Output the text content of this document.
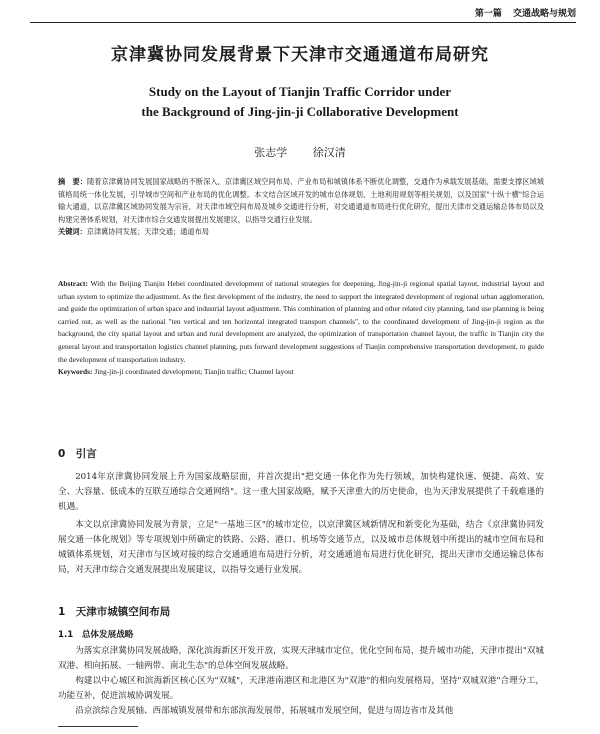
第一篇 交通战略与规划
京津冀协同发展背景下天津市交通通道布局研究
Study on the Layout of Tianjin Traffic Corridor under
the Background of Jing-jin-ji Collaborative Development
张志学 徐汉清
摘　要：随着京津冀协同发展国家战略的不断深入，京津冀区域空间布局、产业布局和城镇体系不断优化调整，交通作为承载发展基础，需要支撑区域城镇格局统一体化发展，引导城市空间和产业布局的优化调整。本文结合区域开发的城市总体规划、土地利用规划等相关规划，以及国家"十纵十横"综合运输大通道，以京津冀区域协同发展为宗旨，对天津市域空间布局及城乡交通进行分析，对交通通道布局进行优化研究，提出天津市交通运输总体布局以及构建完善体系规划，对天津市综合交通发展提出发展建议，以指导交通行业发展。
关键词：京津冀协同发展；天津交通；通道布局
Abstract: With the Beijing Tianjin Hebei coordinated development of national strategies for deepening, Jing-jin-ji regional spatial layout, industrial layout and urban system to optimize the adjustment. As the first development of the industry, the need to support the integrated development of regional urban agglomeration, and guide the optimization of urban space and industrial layout adjustment. This combination of planning and other related city planning, land use planning is being carried out, as well as the national "ten vertical and ten horizontal integrated transport channels", to the coordinated development of Jing-jin-ji region as the background, the city spatial layout and urban and rural development are analyzed, the optimization of transportation channel layout, the traffic in Tianjin city the general layout and transportation logistics channel planning, puts forward development suggestions of Tianjin comprehensive transportation development, to guide the development of transportation industry.
Keywords: Jing-jin-ji coordinated development; Tianjin traffic; Channel layout
0　引言
2014年京津冀协同发展上升为国家战略层面，并首次提出"把交通一体化作为先行领域，加快构建快速、便捷、高效、安全、大容量、低成本的互联互通综合交通网络"。这一重大国家战略，赋予天津重大的历史使命，也为天津发展提供了千载难逢的机遇。
本文以京津冀协同发展为背景，立足"一基地三区"的城市定位，以京津冀区域新情况和新变化为基础，结合《京津冀协同发展交通一体化规划》等专项规划中所确定的铁路、公路、港口、机场等交通节点，以及城市总体规划中所提出的城市空间布局和城镇体系规划，对天津市与区域对接的综合交通通道布局进行分析，对交通通道布局进行优化研究，提出天津市交通运输总体布局，对天津市综合交通发展提出发展建议，以指导交通行业发展。
1　天津市城镇空间布局
1.1　总体发展战略
为落实京津冀协同发展战略，深化滨海新区开发开放，实现天津城市定位，优化空间布局，提升城市功能，天津市提出"双城双港、相向拓展、一轴两带、南北生态"的总体空间发展战略。
构建以中心城区和滨海新区核心区为"双城"，天津港南港区和北港区为"双港"的相向发展格局，坚持"双城双港"合理分工，功能互补，促进滨城协调发展。
沿京滨综合发展轴、西部城镇发展带和东部滨海发展带，拓展城市发展空间，促进与周边省市及其他
